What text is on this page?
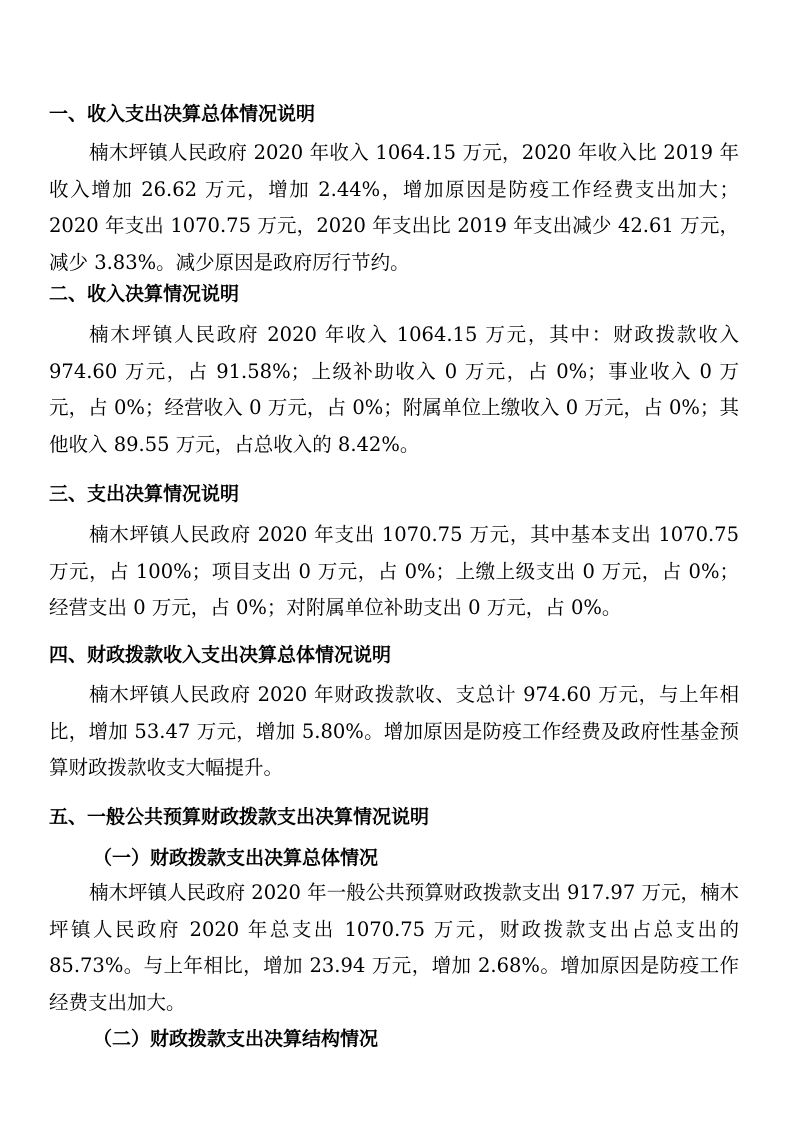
一、收入支出决算总体情况说明

楠木坪镇人民政府 2020 年收入 1064.15 万元，2020 年收入比 2019 年收入增加 26.62 万元，增加 2.44%，增加原因是防疫工作经费支出加大；2020 年支出 1070.75 万元，2020 年支出比 2019 年支出减少 42.61 万元，减少 3.83%。减少原因是政府厉行节约。

二、收入决算情况说明

楠木坪镇人民政府 2020 年收入 1064.15 万元，其中：财政拨款收入 974.60 万元，占 91.58%；上级补助收入 0 万元，占 0%；事业收入 0 万元，占 0%；经营收入 0 万元，占 0%；附属单位上缴收入 0 万元，占 0%；其他收入 89.55 万元，占总收入的 8.42%。

三、支出决算情况说明

楠木坪镇人民政府 2020 年支出 1070.75 万元，其中基本支出 1070.75 万元，占 100%；项目支出 0 万元，占 0%；上缴上级支出 0 万元，占 0%；经营支出 0 万元，占 0%；对附属单位补助支出 0 万元，占 0%。

四、财政拨款收入支出决算总体情况说明

楠木坪镇人民政府 2020 年财政拨款收、支总计 974.60 万元，与上年相比，增加 53.47 万元，增加 5.80%。增加原因是防疫工作经费及政府性基金预算财政拨款收支大幅提升。

五、一般公共预算财政拨款支出决算情况说明
（一）财政拨款支出决算总体情况

楠木坪镇人民政府 2020 年一般公共预算财政拨款支出 917.97 万元，楠木坪镇人民政府 2020 年总支出 1070.75 万元，财政拨款支出占总支出的 85.73%。与上年相比，增加 23.94 万元，增加 2.68%。增加原因是防疫工作经费支出加大。

（二）财政拨款支出决算结构情况
